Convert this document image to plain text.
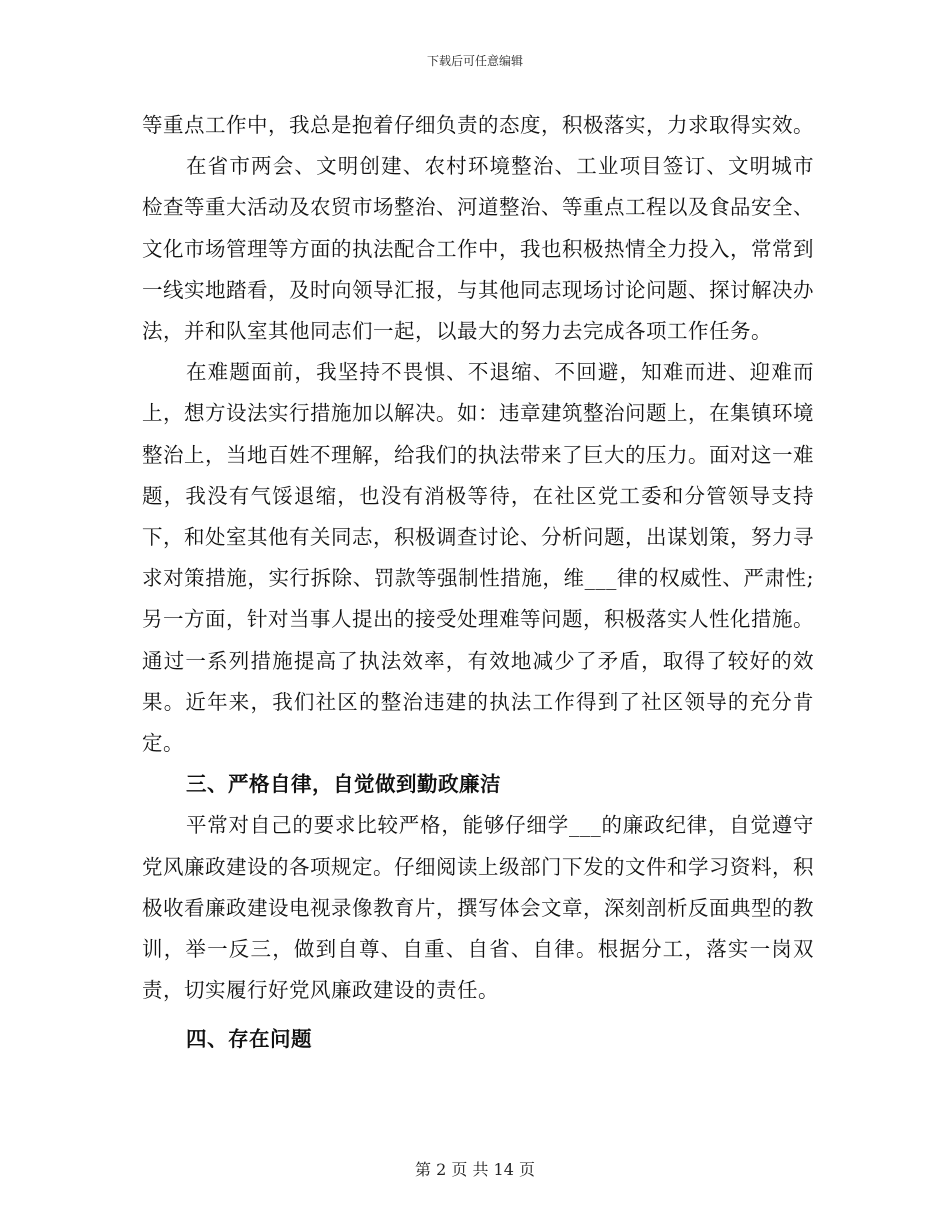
下载后可任意编辑

等重点工作中，我总是抱着仔细负责的态度，积极落实，力求取得实效。

在省市两会、文明创建、农村环境整治、工业项目签订、文明城市检查等重大活动及农贸市场整治、河道整治、等重点工程以及食品安全、文化市场管理等方面的执法配合工作中，我也积极热情全力投入，常常到一线实地踏看，及时向领导汇报，与其他同志现场讨论问题、探讨解决办法，并和队室其他同志们一起，以最大的努力去完成各项工作任务。

在难题面前，我坚持不畏惧、不退缩、不回避，知难而进、迎难而上，想方设法实行措施加以解决。如：违章建筑整治问题上，在集镇环境整治上，当地百姓不理解，给我们的执法带来了巨大的压力。面对这一难题，我没有气馁退缩，也没有消极等待，在社区党工委和分管领导支持下，和处室其他有关同志，积极调查讨论、分析问题，出谋划策，努力寻求对策措施，实行拆除、罚款等强制性措施，维___律的权威性、严肃性;另一方面，针对当事人提出的接受处理难等问题，积极落实人性化措施。通过一系列措施提高了执法效率，有效地减少了矛盾，取得了较好的效果。近年来，我们社区的整治违建的执法工作得到了社区领导的充分肯定。

三、严格自律，自觉做到勤政廉洁

平常对自己的要求比较严格，能够仔细学___的廉政纪律，自觉遵守党风廉政建设的各项规定。仔细阅读上级部门下发的文件和学习资料，积极收看廉政建设电视录像教育片，撰写体会文章，深刻剖析反面典型的教训，举一反三，做到自尊、自重、自省、自律。根据分工，落实一岗双责，切实履行好党风廉政建设的责任。

四、存在问题

第 2 页 共 14 页
